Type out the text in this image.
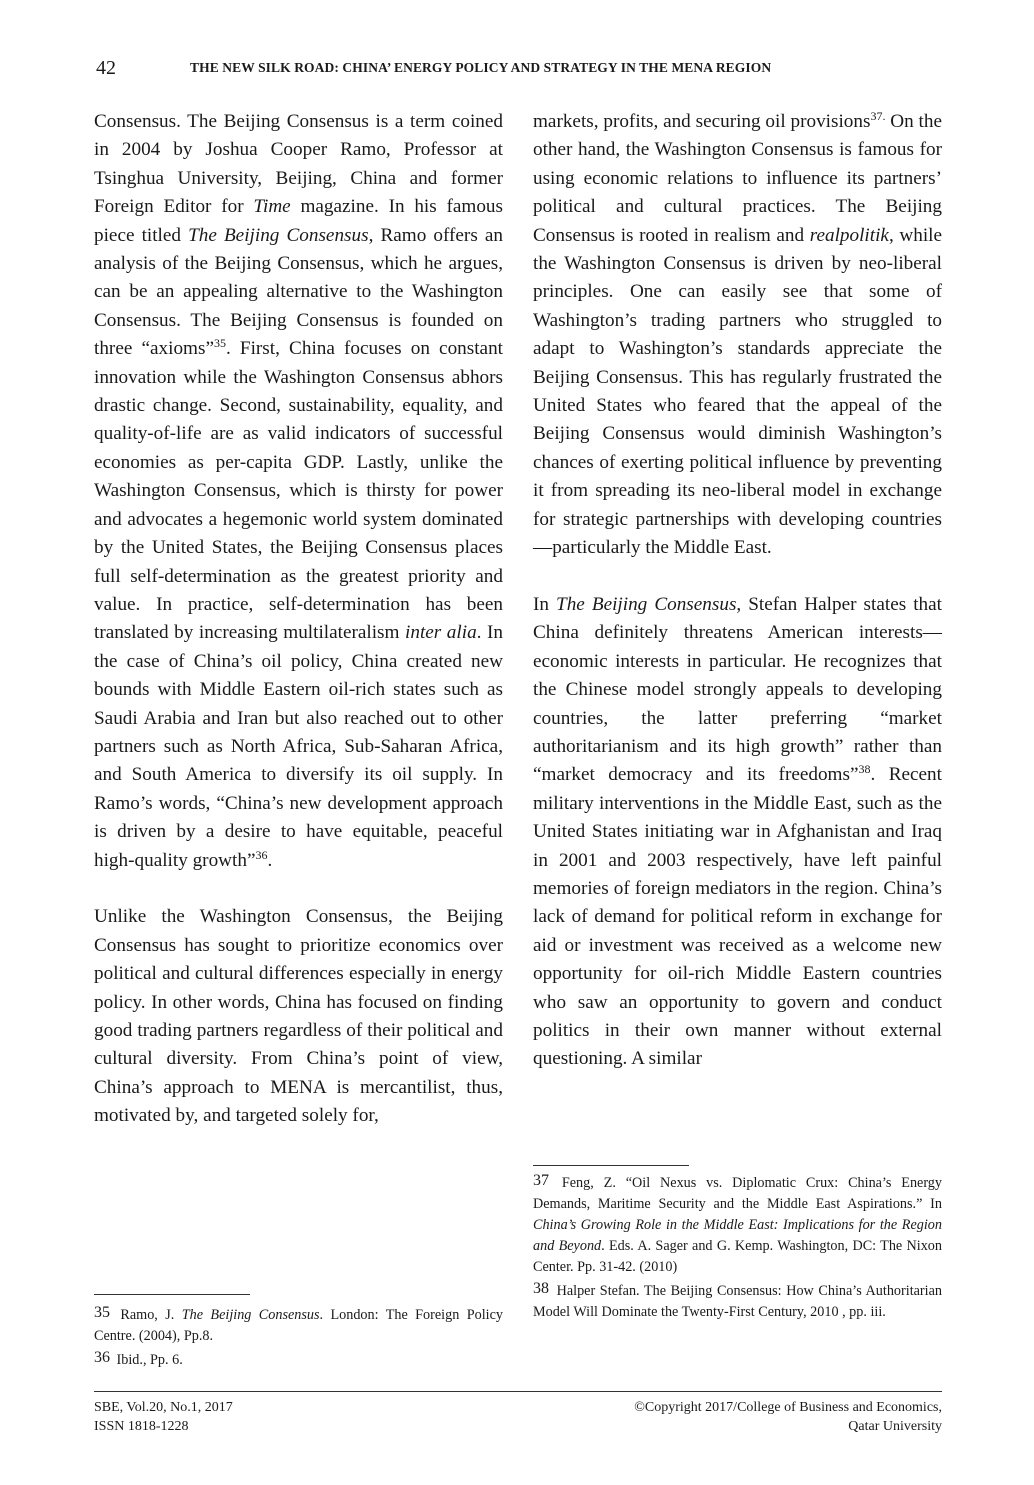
42	THE NEW SILK ROAD: CHINA’ ENERGY POLICY AND STRATEGY IN THE MENA REGION

Consensus. The Beijing Consensus is a term coined in 2004 by Joshua Cooper Ramo, Professor at Tsinghua University, Beijing, China and former Foreign Editor for Time magazine. In his famous piece titled The Beijing Consensus, Ramo offers an analysis of the Beijing Consensus, which he argues, can be an appealing alternative to the Washington Consensus. The Beijing Consensus is founded on three “axioms”$^{35}$. First, China focuses on constant innovation while the Washington Consensus abhors drastic change. Second, sustainability, equality, and quality-of-life are as valid indicators of successful economies as per-capita GDP. Lastly, unlike the Washington Consensus, which is thirsty for power and advocates a hegemonic world system dominated by the United States, the Beijing Consensus places full self-determination as the greatest priority and value. In practice, self-determination has been translated by increasing multilateralism inter alia. In the case of China’s oil policy, China created new bounds with Middle Eastern oil-rich states such as Saudi Arabia and Iran but also reached out to other partners such as North Africa, Sub-Saharan Africa, and South America to diversify its oil supply. In Ramo’s words, “China’s new development approach is driven by a desire to have equitable, peaceful high-quality growth”$^{36}$.

Unlike the Washington Consensus, the Beijing Consensus has sought to prioritize economics over political and cultural differences especially in energy policy. In other words, China has focused on finding good trading partners regardless of their political and cultural diversity. From China’s point of view, China’s approach to MENA is mercantilist, thus, motivated by, and targeted solely for,

markets, profits, and securing oil provisions$^{37.}$ On the other hand, the Washington Consensus is famous for using economic relations to influence its partners’ political and cultural practices. The Beijing Consensus is rooted in realism and realpolitik, while the Washington Consensus is driven by neo-liberal principles. One can easily see that some of Washington’s trading partners who struggled to adapt to Washington’s standards appreciate the Beijing Consensus. This has regularly frustrated the United States who feared that the appeal of the Beijing Consensus would diminish Washington’s chances of exerting political influence by preventing it from spreading its neo-liberal model in exchange for strategic partnerships with developing countries—particularly the Middle East.

In The Beijing Consensus, Stefan Halper states that China definitely threatens American interests—economic interests in particular. He recognizes that the Chinese model strongly appeals to developing countries, the latter preferring “market authoritarianism and its high growth” rather than “market democracy and its freedoms”$^{38}$. Recent military interventions in the Middle East, such as the United States initiating war in Afghanistan and Iraq in 2001 and 2003 respectively, have left painful memories of foreign mediators in the region. China’s lack of demand for political reform in exchange for aid or investment was received as a welcome new opportunity for oil-rich Middle Eastern countries who saw an opportunity to govern and conduct politics in their own manner without external questioning. A similar

35 Ramo, J. The Beijing Consensus. London: The Foreign Policy Centre. (2004), Pp.8.

36 Ibid., Pp. 6.

37 Feng, Z. “Oil Nexus vs. Diplomatic Crux: China’s Energy Demands, Maritime Security and the Middle East Aspirations.” In China’s Growing Role in the Middle East: Implications for the Region and Beyond. Eds. A. Sager and G. Kemp. Washington, DC: The Nixon Center. Pp. 31-42. (2010)

38 Halper Stefan. The Beijing Consensus: How China’s Authoritarian Model Will Dominate the Twenty-First Century, 2010 , pp. iii.

SBE, Vol.20, No.1, 2017
ISSN 1818-1228
©Copyright 2017/College of Business and Economics,
Qatar University
